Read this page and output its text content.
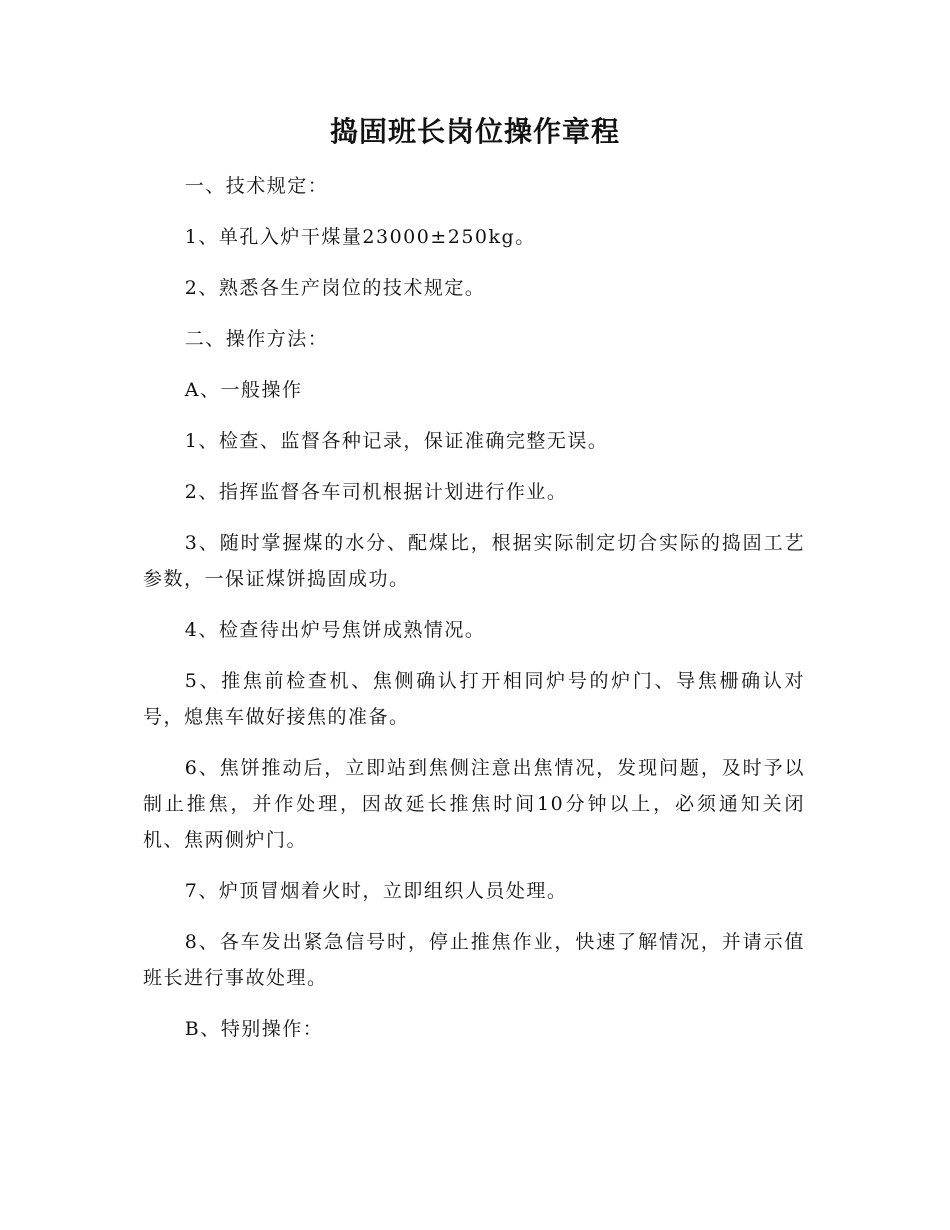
捣固班长岗位操作章程

一、技术规定：

1、单孔入炉干煤量23000±250kg。

2、熟悉各生产岗位的技术规定。

二、操作方法：

A、一般操作

1、检查、监督各种记录，保证准确完整无误。

2、指挥监督各车司机根据计划进行作业。

3、随时掌握煤的水分、配煤比，根据实际制定切合实际的捣固工艺参数，一保证煤饼捣固成功。

4、检查待出炉号焦饼成熟情况。

5、推焦前检查机、焦侧确认打开相同炉号的炉门、导焦栅确认对号，熄焦车做好接焦的准备。

6、焦饼推动后，立即站到焦侧注意出焦情况，发现问题，及时予以制止推焦，并作处理，因故延长推焦时间10分钟以上，必须通知关闭机、焦两侧炉门。

7、炉顶冒烟着火时，立即组织人员处理。

8、各车发出紧急信号时，停止推焦作业，快速了解情况，并请示值班长进行事故处理。

B、特别操作：
